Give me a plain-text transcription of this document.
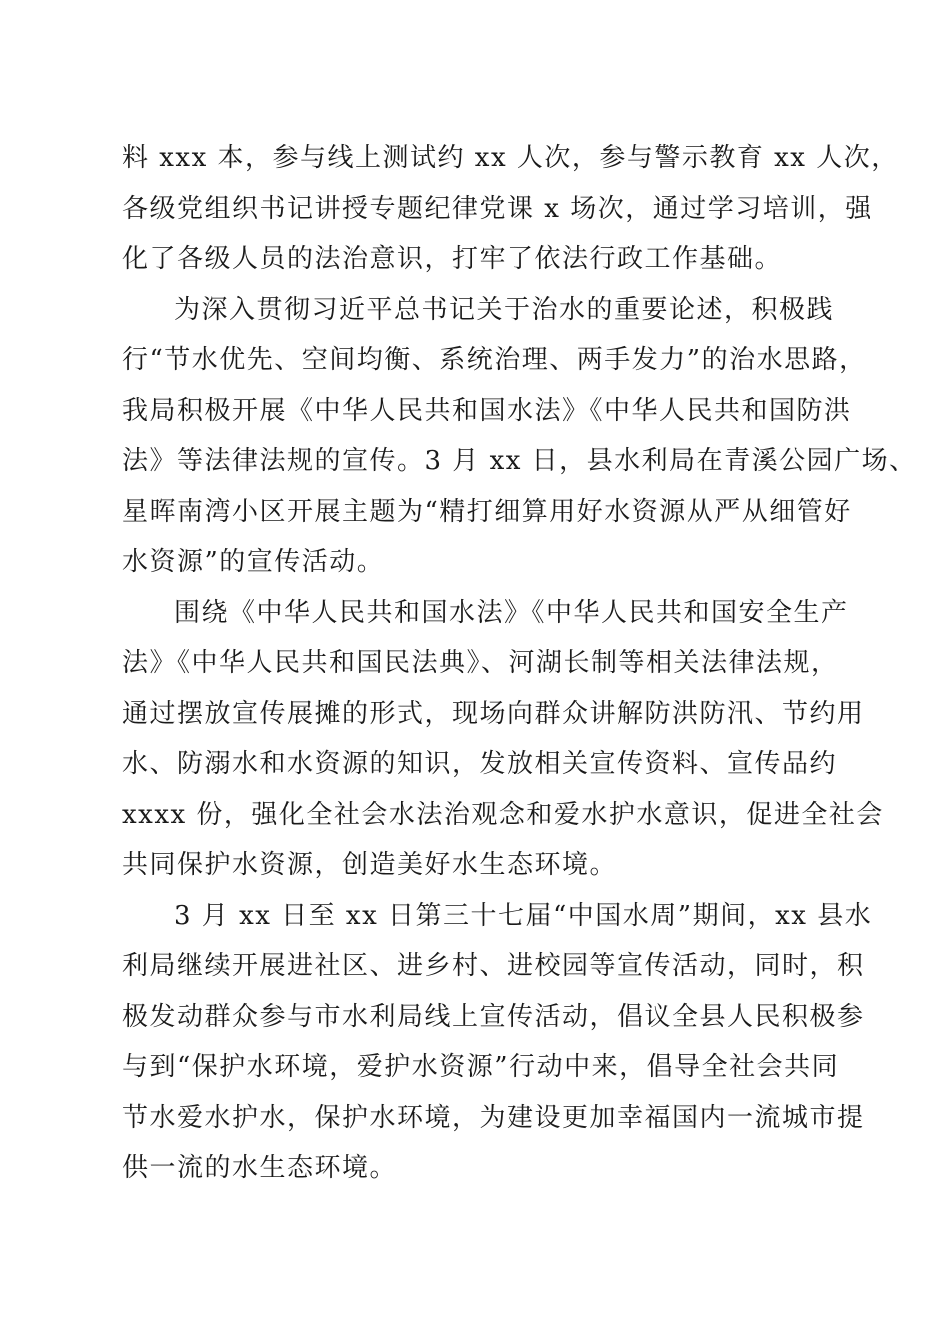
料 xxx 本，参与线上测试约 xx 人次，参与警示教育 xx 人次，
各级党组织书记讲授专题纪律党课 x 场次，通过学习培训，强
化了各级人员的法治意识，打牢了依法行政工作基础。
为深入贯彻习近平总书记关于治水的重要论述，积极践
行“节水优先、空间均衡、系统治理、两手发力”的治水思路，
我局积极开展《中华人民共和国水法》《中华人民共和国防洪
法》等法律法规的宣传。3 月 xx 日，县水利局在青溪公园广场、
星晖南湾小区开展主题为“精打细算用好水资源从严从细管好
水资源”的宣传活动。
围绕《中华人民共和国水法》《中华人民共和国安全生产
法》《中华人民共和国民法典》、河湖长制等相关法律法规，
通过摆放宣传展摊的形式，现场向群众讲解防洪防汛、节约用
水、防溺水和水资源的知识，发放相关宣传资料、宣传品约
xxxx 份，强化全社会水法治观念和爱水护水意识，促进全社会
共同保护水资源，创造美好水生态环境。
3 月 xx 日至 xx 日第三十七届“中国水周”期间，xx 县水
利局继续开展进社区、进乡村、进校园等宣传活动，同时，积
极发动群众参与市水利局线上宣传活动，倡议全县人民积极参
与到“保护水环境，爱护水资源”行动中来，倡导全社会共同
节水爱水护水，保护水环境，为建设更加幸福国内一流城市提
供一流的水生态环境。
